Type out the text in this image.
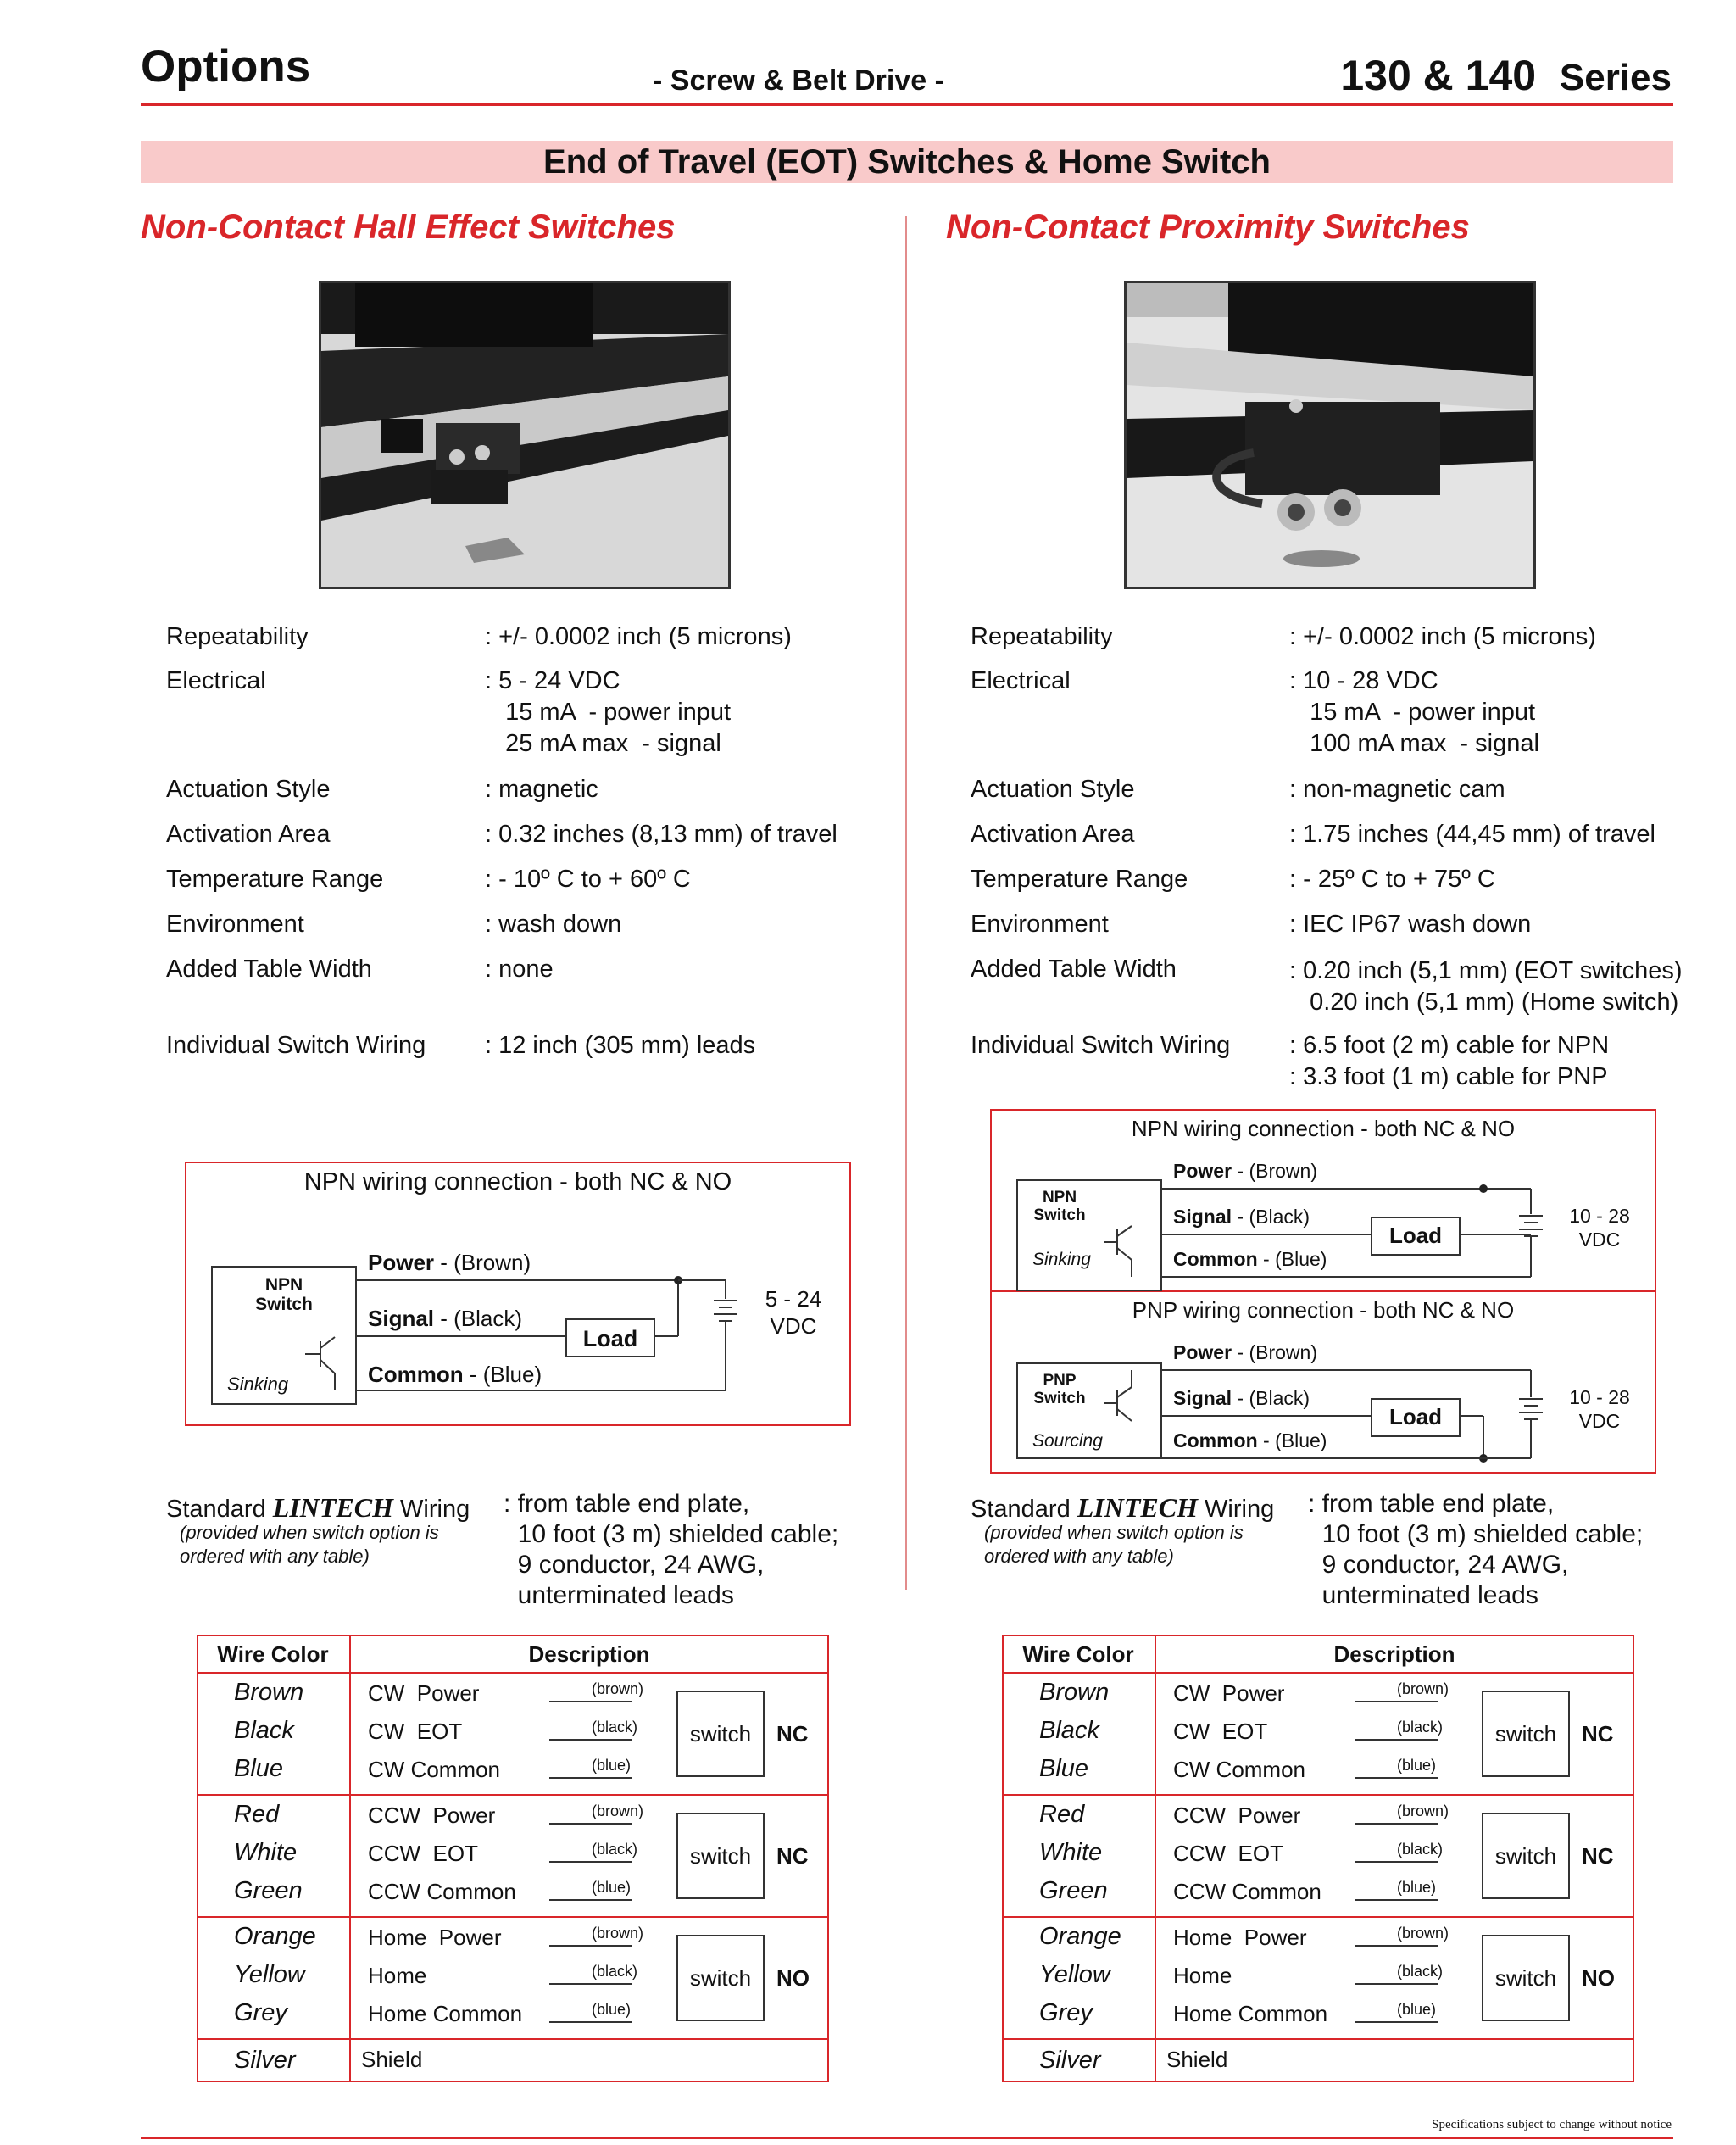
Options	- Screw & Belt Drive -	130 & 140 Series
End of Travel (EOT) Switches & Home Switch
Non-Contact Hall Effect Switches	Non-Contact Proximity Switches
Repeatability	: +/- 0.0002 inch (5 microns)
Electrical	: 5 - 24 VDC
15 mA  - power input
25 mA max  - signal
Actuation Style	: magnetic
Activation Area	: 0.32 inches (8,13 mm) of travel
Temperature Range	: - 10º C to + 60º C
Environment	: wash down
Added Table Width	: none
Individual Switch Wiring : 12 inch (305 mm) leads
Repeatability	: +/- 0.0002 inch (5 microns)
Electrical	: 10 - 28 VDC
15 mA  - power input
100 mA max  - signal
Actuation Style	: non-magnetic cam
Activation Area	: 1.75 inches (44,45 mm) of travel
Temperature Range	: - 25º C to + 75º C
Environment	: IEC IP67 wash down
Added Table Width	: 0.20 inch (5,1 mm) (EOT switches)
0.20 inch (5,1 mm) (Home switch)
Individual Switch Wiring : 6.5 foot (2 m) cable for NPN
: 3.3 foot (1 m) cable for PNP
NPN wiring connection - both NC & NO
NPN
Switch
Sinking
Power - (Brown)
Signal - (Black)
Common - (Blue)
Load
5 - 24
VDC
NPN wiring connection - both NC & NO
NPN
Switch
Sinking
Power - (Brown)
Signal - (Black)
Common - (Blue)
Load
10 - 28
VDC
PNP wiring connection - both NC & NO
PNP
Switch
Sourcing
Power - (Brown)
Signal - (Black)
Common - (Blue)
Load
10 - 28
VDC
Standard LINTECH Wiring
(provided when switch option is
ordered with any table)
: from table end plate,
10 foot (3 m) shielded cable;
9 conductor, 24 AWG,
unterminated leads
Standard LINTECH Wiring
(provided when switch option is
ordered with any table)
: from table end plate,
10 foot (3 m) shielded cable;
9 conductor, 24 AWG,
unterminated leads
Wire Color	Description
Brown	CW  Power	(brown)
Black	CW  EOT	(black)
Blue	CW Common	(blue)
switch	NC
Red	CCW  Power	(brown)
White	CCW  EOT	(black)
Green	CCW Common	(blue)
switch	NC
Orange Home  Power	(brown)
Yellow	Home	(black)
Grey	Home Common	(blue)
switch	NO
Silver	Shield
Wire Color	Description
Brown	CW  Power	(brown)
Black	CW  EOT	(black)
Blue	CW Common	(blue)
switch	NC
Red	CCW  Power	(brown)
White	CCW  EOT	(black)
Green	CCW Common	(blue)
switch	NC
Orange Home  Power	(brown)
Yellow	Home	(black)
Grey	Home Common	(blue)
switch	NO
Silver	Shield
Specifications subject to change without notice
